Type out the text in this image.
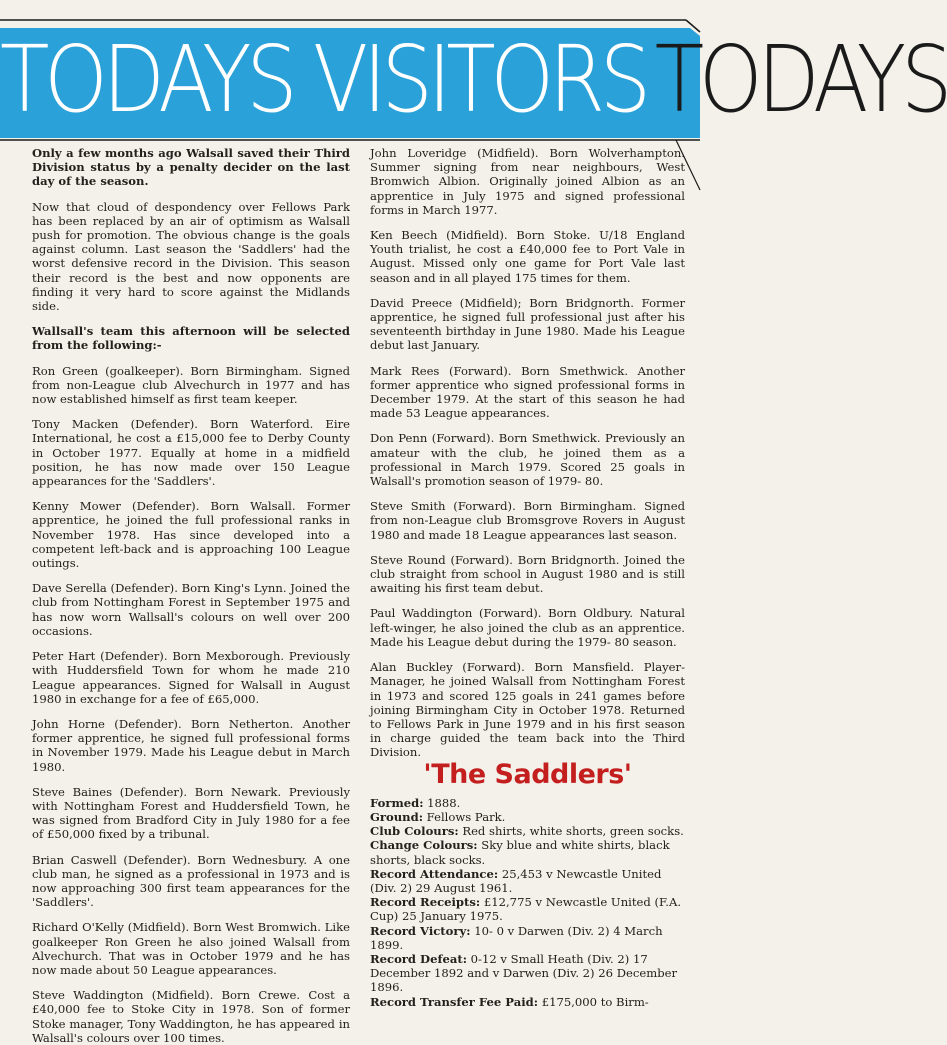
TODAYS VISITORSTODAYS

Only a few months ago Walsall saved their Third Division status by a penalty decider on the last day of the season.

Now that cloud of despondency over Fellows Park has been replaced by an air of optimism as Walsall push for promotion. The obvious change is the goals against column. Last season the 'Saddlers' had the worst defensive record in the Division. This season their record is the best and now opponents are finding it very hard to score against the Midlands side.

Wallsall's team this afternoon will be selected from the following:-

Ron Green (goalkeeper). Born Birmingham. Signed from non-League club Alvechurch in 1977 and has now established himself as first team keeper.

Tony Macken (Defender). Born Waterford. Eire International, he cost a £15,000 fee to Derby County in October 1977. Equally at home in a midfield position, he has now made over 150 League appearances for the 'Saddlers'.

Kenny Mower (Defender). Born Walsall. Former apprentice, he joined the full professional ranks in November 1978. Has since developed into a competent left-back and is approaching 100 League outings.

Dave Serella (Defender). Born King's Lynn. Joined the club from Nottingham Forest in September 1975 and has now worn Wallsall's colours on well over 200 occasions.

Peter Hart (Defender). Born Mexborough. Previously with Huddersfield Town for whom he made 210 League appearances. Signed for Walsall in August 1980 in exchange for a fee of £65,000.

John Horne (Defender). Born Netherton. Another former apprentice, he signed full professional forms in November 1979. Made his League debut in March 1980.

Steve Baines (Defender). Born Newark. Previously with Nottingham Forest and Huddersfield Town, he was signed from Bradford City in July 1980 for a fee of £50,000 fixed by a tribunal.

Brian Caswell (Defender). Born Wednesbury. A one club man, he signed as a professional in 1973 and is now approaching 300 first team appearances for the 'Saddlers'.

Richard O'Kelly (Midfield). Born West Bromwich. Like goalkeeper Ron Green he also joined Walsall from Alvechurch. That was in October 1979 and he has now made about 50 League appearances.

Steve Waddington (Midfield). Born Crewe. Cost a £40,000 fee to Stoke City in 1978. Son of former Stoke manager, Tony Waddington, he has appeared in Walsall's colours over 100 times.

John Loveridge (Midfield). Born Wolverhampton. Summer signing from near neighbours, West Bromwich Albion. Originally joined Albion as an apprentice in July 1975 and signed professional forms in March 1977.

Ken Beech (Midfield). Born Stoke. U/18 England Youth trialist, he cost a £40,000 fee to Port Vale in August. Missed only one game for Port Vale last season and in all played 175 times for them.

David Preece (Midfield); Born Bridgnorth. Former apprentice, he signed full professional just after his seventeenth birthday in June 1980. Made his League debut last January.

Mark Rees (Forward). Born Smethwick. Another former apprentice who signed professional forms in December 1979. At the start of this season he had made 53 League appearances.

Don Penn (Forward). Born Smethwick. Previously an amateur with the club, he joined them as a professional in March 1979. Scored 25 goals in Walsall's promotion season of 1979- 80.

Steve Smith (Forward). Born Birmingham. Signed from non-League club Bromsgrove Rovers in August 1980 and made 18 League appearances last season.

Steve Round (Forward). Born Bridgnorth. Joined the club straight from school in August 1980 and is still awaiting his first team debut.

Paul Waddington (Forward). Born Oldbury. Natural left-winger, he also joined the club as an apprentice. Made his League debut during the 1979- 80 season.

Alan Buckley (Forward). Born Mansfield. Player-Manager, he joined Walsall from Nottingham Forest in 1973 and scored 125 goals in 241 games before joining Birmingham City in October 1978. Returned to Fellows Park in June 1979 and in his first season in charge guided the team back into the Third Division.

'The Saddlers'

Formed: 1888.

Ground: Fellows Park.

Club Colours: Red shirts, white shorts, green socks.

Change Colours: Sky blue and white shirts, black shorts, black socks.

Record Attendance: 25,453 v Newcastle United (Div. 2) 29 August 1961.

Record Receipts: £12,775 v Newcastle United (F.A. Cup) 25 January 1975.

Record Victory: 10- 0 v Darwen (Div. 2) 4 March 1899.

Record Defeat: 0-12 v Small Heath (Div. 2) 17 December 1892 and v Darwen (Div. 2) 26 December 1896.

Record Transfer Fee Paid: £175,000 to Birm-
